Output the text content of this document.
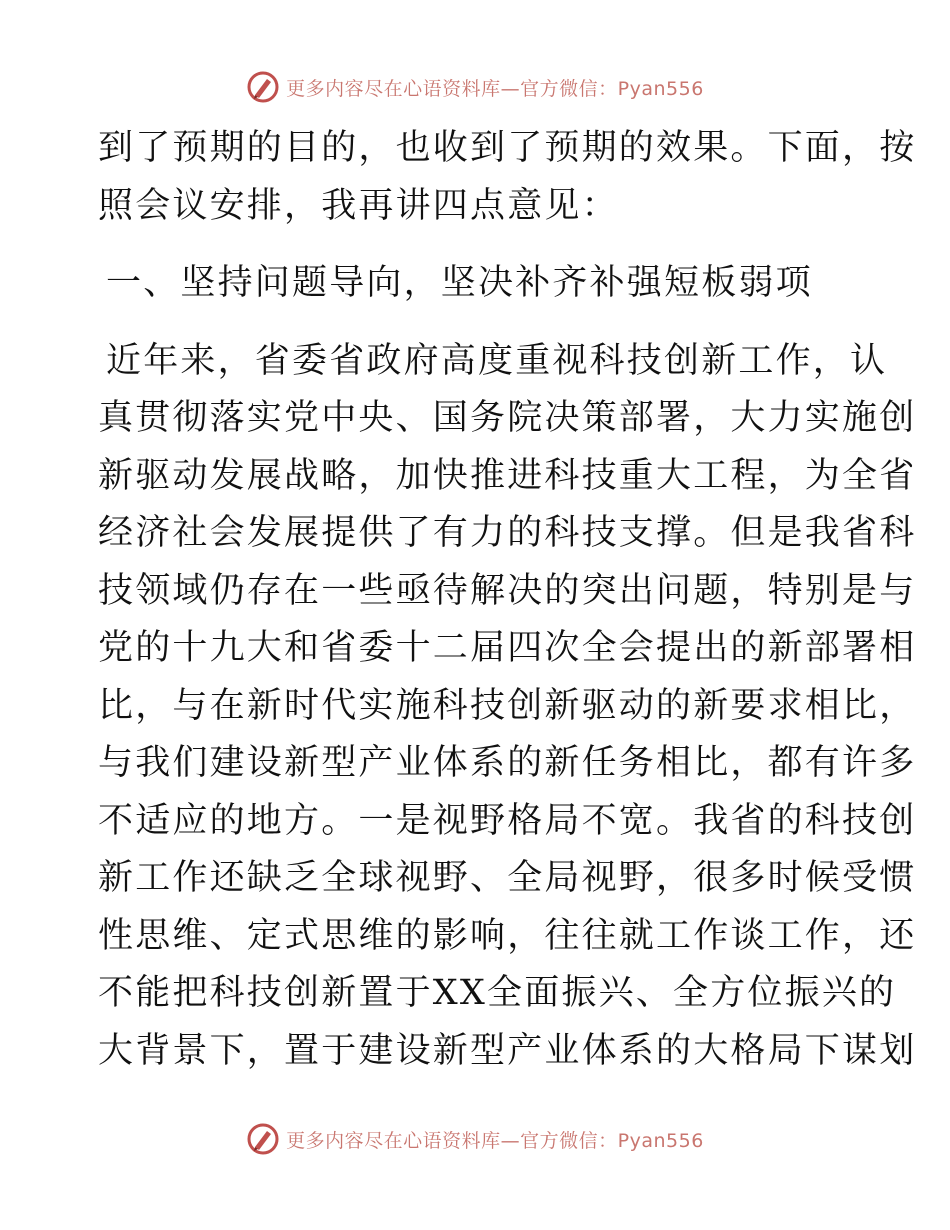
更多内容尽在心语资料库—官方微信：Pyan556
到了预期的目的，也收到了预期的效果。下面，按
照会议安排，我再讲四点意见：
一、坚持问题导向，坚决补齐补强短板弱项
近年来，省委省政府高度重视科技创新工作，认
真贯彻落实党中央、国务院决策部署，大力实施创
新驱动发展战略，加快推进科技重大工程，为全省
经济社会发展提供了有力的科技支撑。但是我省科
技领域仍存在一些亟待解决的突出问题，特别是与
党的十九大和省委十二届四次全会提出的新部署相
比，与在新时代实施科技创新驱动的新要求相比，
与我们建设新型产业体系的新任务相比，都有许多
不适应的地方。一是视野格局不宽。我省的科技创
新工作还缺乏全球视野、全局视野，很多时候受惯
性思维、定式思维的影响，往往就工作谈工作，还
不能把科技创新置于XX全面振兴、全方位振兴的
大背景下，置于建设新型产业体系的大格局下谋划
更多内容尽在心语资料库—官方微信：Pyan556
